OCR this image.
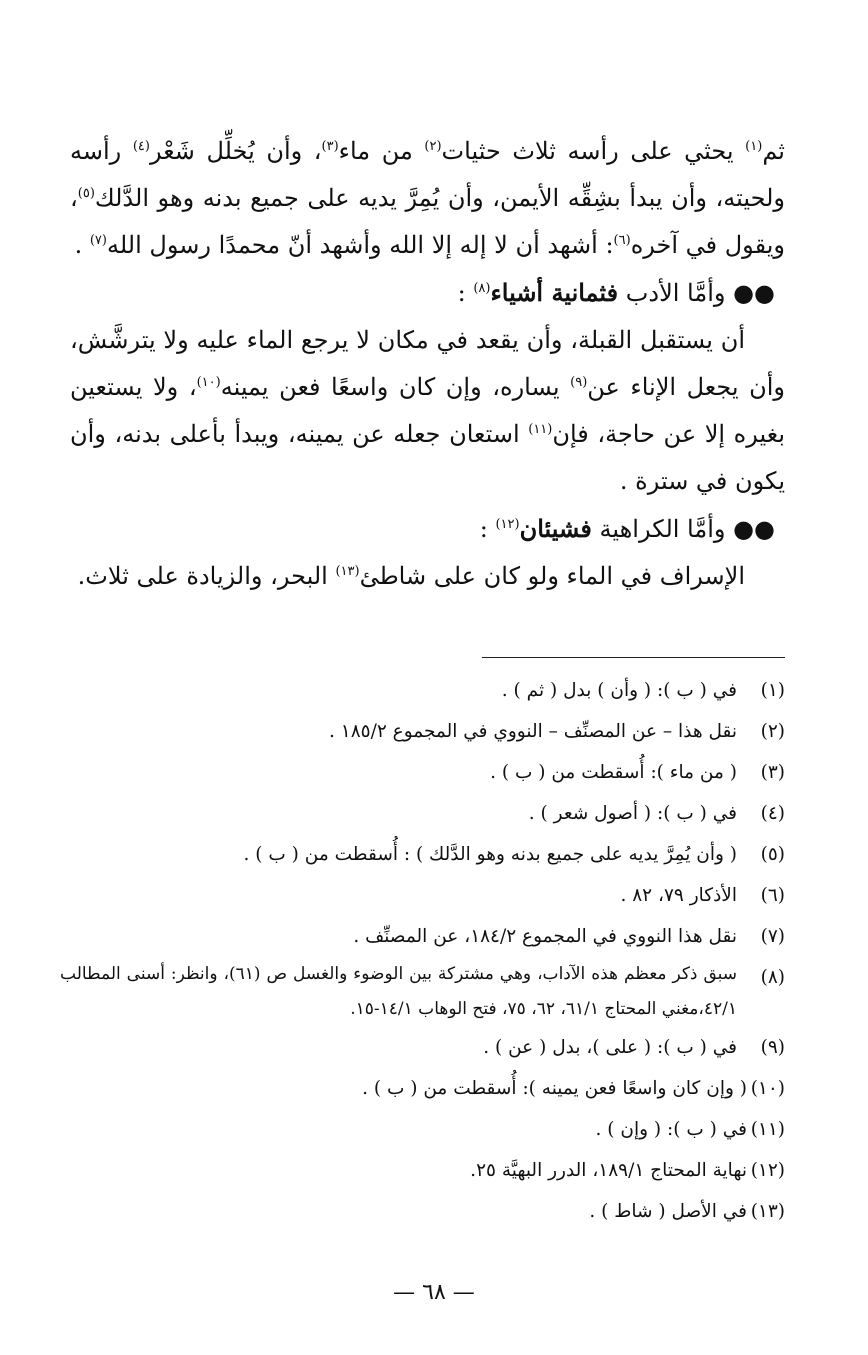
ثم$^{(١)}$ يحثي على رأسه ثلاث حثيات$^{(٢)}$ من ماء$^{(٣)}$، وأن يُخلِّل شَعْر$^{(٤)}$ رأسه ولحيته، وأن يبدأ بشِقِّه الأيمن، وأن يُمِرَّ يديه على جميع بدنه وهو الدَّلك$^{(٥)}$، ويقول في آخره$^{(٦)}$: أشهد أن لا إله إلا الله وأشهد أنّ محمدًا رسول الله$^{(٧)}$ .

●● وأمَّا الأدب فثمانية أشياء$^{(٨)}$ :

أن يستقبل القبلة، وأن يقعد في مكان لا يرجع الماء عليه ولا يترشَّش، وأن يجعل الإناء عن$^{(٩)}$ يساره، وإن كان واسعًا فعن يمينه$^{(١٠)}$، ولا يستعين بغيره إلا عن حاجة، فإن$^{(١١)}$ استعان جعله عن يمينه، ويبدأ بأعلى بدنه، وأن يكون في سترة .

●● وأمَّا الكراهية فشيئان$^{(١٢)}$ :

الإسراف في الماء ولو كان على شاطئ$^{(١٣)}$ البحر، والزيادة على ثلاث.

(١)
في ( ب ): ( وأن ) بدل ( ثم ) .
(٢)
نقل هذا – عن المصنِّف – النووي في المجموع ١٨٥/٢ .
(٣)
( من ماء ): أُسقطت من ( ب ) .
(٤)
في ( ب ): ( أصول شعر ) .
(٥)
( وأن يُمِرَّ يديه على جميع بدنه وهو الدَّلك ) : أُسقطت من ( ب ) .
(٦)
الأذكار ٧٩، ٨٢ .
(٧)
نقل هذا النووي في المجموع ١٨٤/٢، عن المصنِّف .
(٨)
سبق ذكر معظم هذه الآداب، وهي مشتركة بين الوضوء والغسل ص (٦١)، وانظر: أسنى المطالب ٤٢/١،مغني المحتاج ٦١/١، ٦٢، ٧٥، فتح الوهاب ١٤/١-١٥.
(٩)
في ( ب ): ( على )، بدل ( عن ) .
(١٠)
( وإن كان واسعًا فعن يمينه ): أُسقطت من ( ب ) .
(١١)
في ( ب ): ( وإن ) .
(١٢)
نهاية المحتاج ١٨٩/١، الدرر البهيَّة ٢٥.
(١٣)
في الأصل ( شاط ) .
— ٦٨ —
